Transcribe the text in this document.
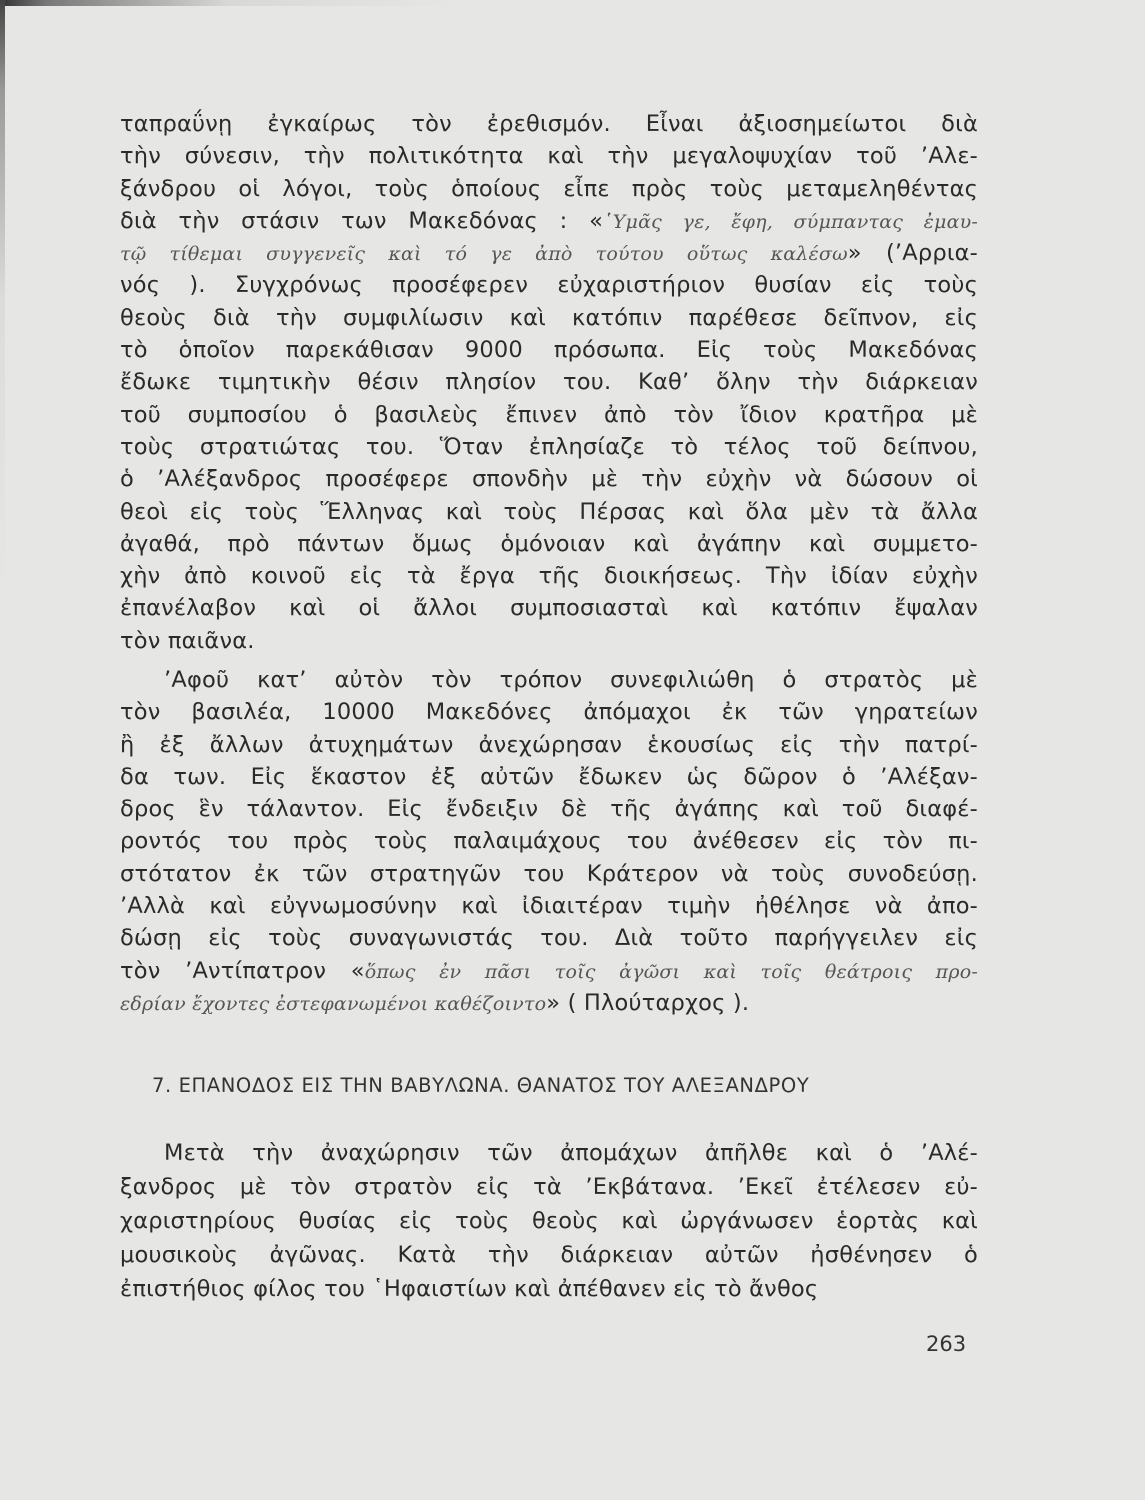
ταπραΰνῃ ἐγκαίρως τὸν ἐρεθισμόν. Εἶναι ἀξιοσημείωτοι διὰ
τὴν σύνεσιν, τὴν πολιτικότητα καὶ τὴν μεγαλοψυχίαν τοῦ ’Αλε-
ξάνδρου οἱ λόγοι, τοὺς ὁποίους εἶπε πρὸς τοὺς μεταμεληθέντας
διὰ τὴν στάσιν των Μακεδόνας : «῾Υμᾶς γε, ἔφη, σύμπαντας ἐμαυ-
τῷ τίθεμαι συγγενεῖς καὶ τό γε ἀπὸ τούτου οὕτως καλέσω» (’Αρρια-
νός ). Συγχρόνως προσέφερεν εὐχαριστήριον θυσίαν εἰς τοὺς
θεοὺς διὰ τὴν συμφιλίωσιν καὶ κατόπιν παρέθεσε δεῖπνον, εἰς
τὸ ὁποῖον παρεκάθισαν 9000 πρόσωπα. Εἰς τοὺς Μακεδόνας
ἔδωκε τιμητικὴν θέσιν πλησίον του. Καθ’ ὅλην τὴν διάρκειαν
τοῦ συμποσίου ὁ βασιλεὺς ἔπινεν ἀπὸ τὸν ἴδιον κρατῆρα μὲ
τοὺς στρατιώτας του. Ὅταν ἐπλησίαζε τὸ τέλος τοῦ δείπνου,
ὁ ’Αλέξανδρος προσέφερε σπονδὴν μὲ τὴν εὐχὴν νὰ δώσουν οἱ
θεοὶ εἰς τοὺς Ἕλληνας καὶ τοὺς Πέρσας καὶ ὅλα μὲν τὰ ἄλλα
ἀγαθά, πρὸ πάντων ὅμως ὁμόνοιαν καὶ ἀγάπην καὶ συμμετο-
χὴν ἀπὸ κοινοῦ εἰς τὰ ἔργα τῆς διοικήσεως. Τὴν ἰδίαν εὐχὴν
ἐπανέλαβον καὶ οἱ ἄλλοι συμποσιασταὶ καὶ κατόπιν ἔψαλαν
τὸν παιᾶνα.
’Αφοῦ κατ’ αὐτὸν τὸν τρόπον συνεφιλιώθη ὁ στρατὸς μὲ
τὸν βασιλέα, 10000 Μακεδόνες ἀπόμαχοι ἐκ τῶν γηρατείων
ἢ ἐξ ἄλλων ἀτυχημάτων ἀνεχώρησαν ἑκουσίως εἰς τὴν πατρί-
δα των. Εἰς ἕκαστον ἐξ αὐτῶν ἔδωκεν ὡς δῶρον ὁ ’Αλέξαν-
δρος ἓν τάλαντον. Εἰς ἔνδειξιν δὲ τῆς ἀγάπης καὶ τοῦ διαφέ-
ροντός του πρὸς τοὺς παλαιμάχους του ἀνέθεσεν εἰς τὸν πι-
στότατον ἐκ τῶν στρατηγῶν του Κράτερον νὰ τοὺς συνοδεύσῃ.
’Αλλὰ καὶ εὐγνωμοσύνην καὶ ἰδιαιτέραν τιμὴν ἠθέλησε νὰ ἀπο-
δώσῃ εἰς τοὺς συναγωνιστάς του. Διὰ τοῦτο παρήγγειλεν εἰς
τὸν ’Αντίπατρον «ὅπως ἐν πᾶσι τοῖς ἀγῶσι καὶ τοῖς θεάτροις προ-
εδρίαν ἔχοντες ἐστεφανωμένοι καθέζοιντο» ( Πλούταρχος ).
7. ΕΠΑΝΟΔΟΣ ΕΙΣ ΤΗΝ ΒΑΒΥΛΩΝΑ. ΘΑΝΑΤΟΣ ΤΟΥ ΑΛΕΞΑΝΔΡΟΥ
Μετὰ τὴν ἀναχώρησιν τῶν ἀπομάχων ἀπῆλθε καὶ ὁ ’Αλέ-
ξανδρος μὲ τὸν στρατὸν εἰς τὰ ’Εκβάτανα. ’Εκεῖ ἐτέλεσεν εὐ-
χαριστηρίους θυσίας εἰς τοὺς θεοὺς καὶ ὠργάνωσεν ἑορτὰς καὶ
μουσικοὺς ἀγῶνας. Κατὰ τὴν διάρκειαν αὐτῶν ἠσθένησεν ὁ
ἐπιστήθιος φίλος του ῾Ηφαιστίων καὶ ἀπέθανεν εἰς τὸ ἄνθος
263
